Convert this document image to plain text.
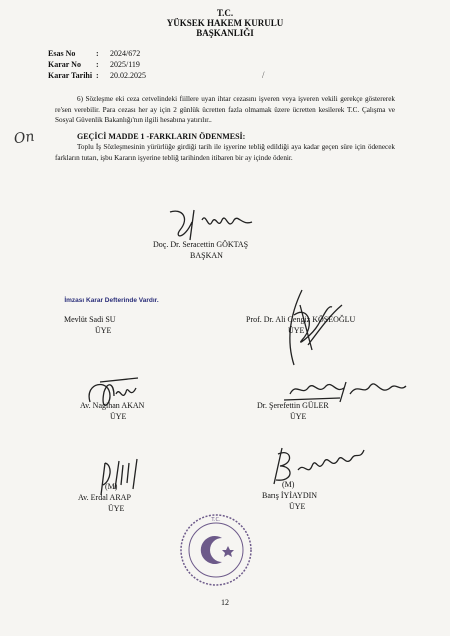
T.C.
YÜKSEK HAKEM KURULU
BAŞKANLIĞI
Esas No	:	2024/672
Karar No	:	2025/119
Karar Tarihi :	20.02.2025	/
6) Sözleşme eki ceza cetvelindeki fiillere uyan ihtar cezasını işveren veya işveren vekili gerekçe göstererek re'sen verebilir. Para cezası her ay için 2 günlük ücretten fazla olmamak üzere ücretten kesilerek T.C. Çalışma ve Sosyal Güvenlik Bakanlığı'nın ilgili hesabına yatırılır..
GEÇİCİ MADDE 1 -FARKLARIN ÖDENMESİ:
Toplu İş Sözleşmesinin yürürlüğe girdiği tarih ile işyerine tebliğ edildiği aya kadar geçen süre için ödenecek farkların tutarı, işbu Kararın işyerine tebliğ tarihinden itibaren bir ay içinde ödenir.
On
Doç. Dr. Seracettin GÖKTAŞ
BAŞKAN
İmzası Karar Defterinde Vardır.
Mevlüt Sadi SU
ÜYE
Prof. Dr. Ali Cengiz KÖSEOĞLU
ÜYE
Av. Nagihan AKAN
ÜYE
Dr. Şerefettin GÜLER
ÜYE
(M)
Av. Erdal ARAP
ÜYE
(M)
Barış İYİAYDIN
ÜYE
T.C.
12
